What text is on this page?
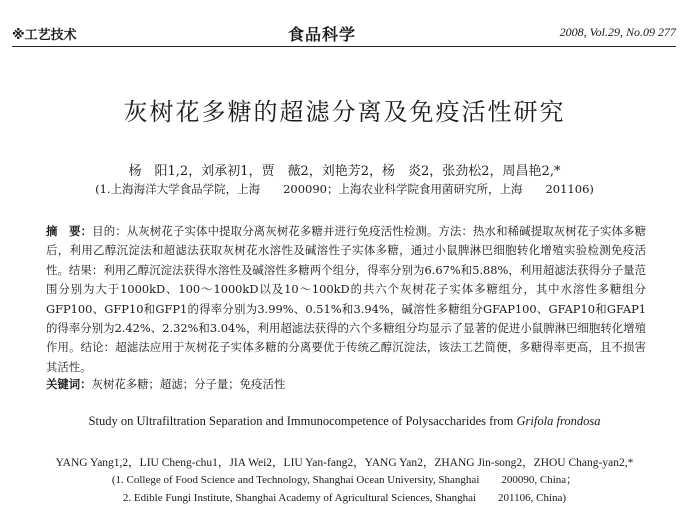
※工艺技术	食品科学	2008, Vol.29, No.09 277
灰树花多糖的超滤分离及免疫活性研究
杨　阳1,2，刘承初1，贾　薇2，刘艳芳2，杨　炎2，张劲松2，周昌艳2,*
(1.上海海洋大学食品学院，上海　　200090；上海农业科学院食用菌研究所，上海　　201106)
摘　要：目的：从灰树花子实体中提取分离灰树花多糖并进行免疫活性检测。方法：热水和稀碱提取灰树花子实体多糖后，利用乙醇沉淀法和超滤法获取灰树花水溶性及碱溶性子实体多糖，通过小鼠脾淋巴细胞转化增殖实验检测免疫活性。结果：利用乙醇沉淀法获得水溶性及碱溶性多糖两个组分，得率分别为6.67%和5.88%，利用超滤法获得分子量范围分别为大于1000kD、100～1000kD以及10～100kD的共六个灰树花子实体多糖组分，其中水溶性多糖组分GFP100、GFP10和GFP1的得率分别为3.99%、0.51%和3.94%，碱溶性多糖组分GFAP100、GFAP10和GFAP1的得率分别为2.42%、2.32%和3.04%，利用超滤法获得的六个多糖组分均显示了显著的促进小鼠脾淋巴细胞转化增殖作用。结论：超滤法应用于灰树花子实体多糖的分离要优于传统乙醇沉淀法，该法工艺简便，多糖得率更高，且不损害其活性。
关键词：灰树花多糖；超滤；分子量；免疫活性
Study on Ultrafiltration Separation and Immunocompetence of Polysaccharides from Grifola frondosa
YANG Yang1,2，LIU Cheng-chu1，JIA Wei2，LIU Yan-fang2，YANG Yan2，ZHANG Jin-song2，ZHOU Chang-yan2,*
(1. College of Food Science and Technology, Shanghai Ocean University, Shanghai　　200090, China；
2. Edible Fungi Institute, Shanghai Academy of Agricultural Sciences, Shanghai　　201106, China)
